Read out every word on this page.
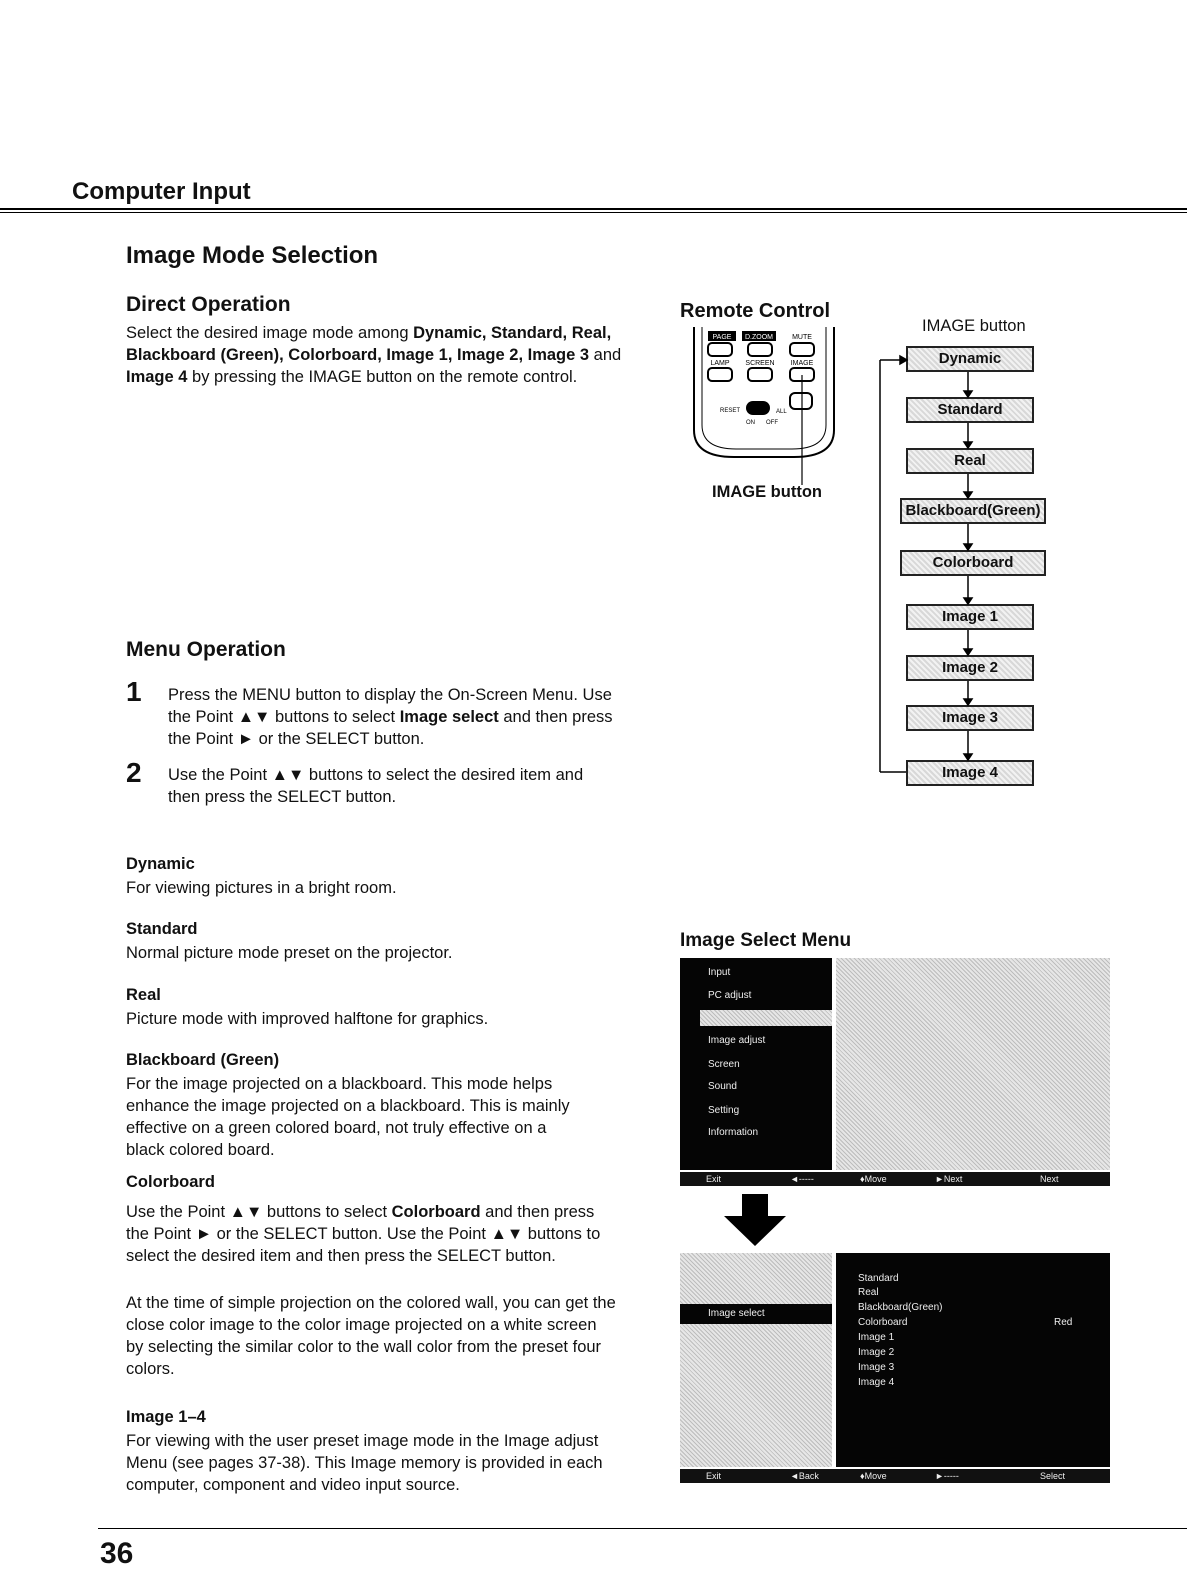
Computer Input
Image Mode Selection
Direct Operation
Select the desired image mode among Dynamic, Standard, Real, Blackboard (Green), Colorboard, Image 1, Image 2, Image 3 and Image 4 by pressing the IMAGE button on the remote control.
Remote Control
PAGE D.ZOOM	MUTE
LAMP SCREEN IMAGE
RESET	ALL
ON OFF
IMAGE button
IMAGE button
Dynamic
Standard
Real
Blackboard(Green)
Colorboard
Image 1
Image 2
Image 3
Image 4
Menu Operation
1 Press the MENU button to display the On-Screen Menu. Use the Point ▲▼ buttons to select Image select and then press the Point ► or the SELECT button.
2 Use the Point ▲▼ buttons to select the desired item and then press the SELECT button.
Dynamic
For viewing pictures in a bright room.
Standard
Normal picture mode preset on the projector.
Real
Picture mode with improved halftone for graphics.
Blackboard (Green)
For the image projected on a blackboard. This mode helps enhance the image projected on a blackboard. This is mainly effective on a green colored board, not truly effective on a black colored board.
Colorboard
Use the Point ▲▼ buttons to select Colorboard and then press the Point ► or the SELECT button. Use the Point ▲▼ buttons to select the desired item and then press the SELECT button.
At the time of simple projection on the colored wall, you can get the close color image to the color image projected on a white screen by selecting the similar color to the wall color from the preset four colors.
Image 1–4
For viewing with the user preset image mode in the Image adjust Menu (see pages 37-38). This Image memory is provided in each computer, component and video input source.
Image Select Menu
Input
PC adjust
Image adjust
Screen
Sound
Setting
Information
Exit	◄-----	♦Move	►Next	Next
Image select
Standard
Real
Blackboard(Green)
Colorboard	Red
Image 1
Image 2
Image 3
Image 4
Exit	◄Back	♦Move	►-----	Select
36
